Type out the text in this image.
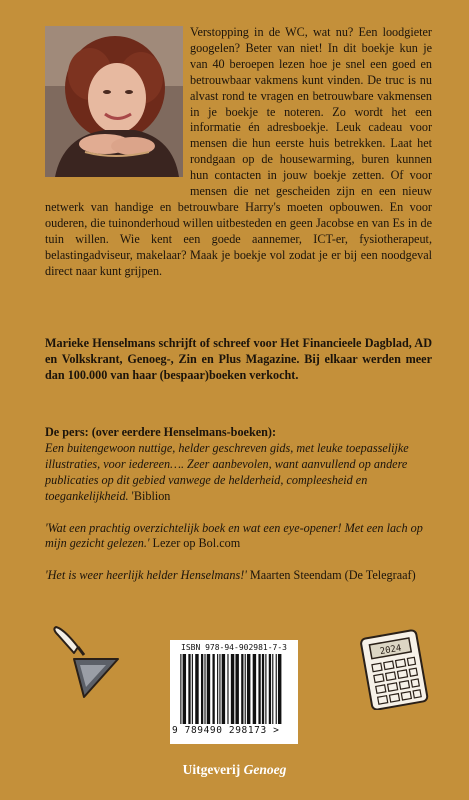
Verstopping in de WC, wat nu? Een loodgieter googelen? Beter van niet! In dit boekje kun je van 40 beroepen lezen hoe je snel een goed en betrouwbaar vakmens kunt vinden. De truc is nu alvast rond te vragen en betrouwbare vakmensen in je boekje te noteren. Zo wordt het een informatie én adresboekje. Leuk cadeau voor mensen die hun eerste huis betrekken. Laat het rondgaan op de housewarming, buren kunnen hun contacten in jouw boekje zetten. Of voor mensen die net gescheiden zijn en een nieuw netwerk van handige en betrouwbare Harry's moeten opbouwen. En voor ouderen, die tuinonderhoud willen uitbesteden en geen Jacobse en van Es in de tuin willen. Wie kent een goede aannemer, ICT-er, fysiotherapeut, belastingadviseur, makelaar? Maak je boekje vol zodat je er bij een noodgeval direct naar kunt grijpen.

Marieke Henselmans schrijft of schreef voor Het Financieele Dagblad, AD en Volkskrant, Genoeg-, Zin en Plus Magazine. Bij elkaar werden meer dan 100.000 van haar (bespaar)boeken verkocht.

De pers: (over eerdere Henselmans-boeken):

Een buitengewoon nuttige, helder geschreven gids, met leuke toepasselijke illustraties, voor iedereen…. Zeer aanbevolen, want aanvullend op andere publicaties op dit gebied vanwege de helderheid, compleesheid en toegankelijkheid. 'Biblion

'Wat een prachtig overzichtelijk boek en wat een eye-opener! Met een lach op mijn gezicht gelezen.' Lezer op Bol.com

'Het is weer heerlijk helder Henselmans!' Maarten Steendam (De Telegraaf)

ISBN 978-94-902981-7-3
9 789490 298173 >
2024
Uitgeverij Genoeg
